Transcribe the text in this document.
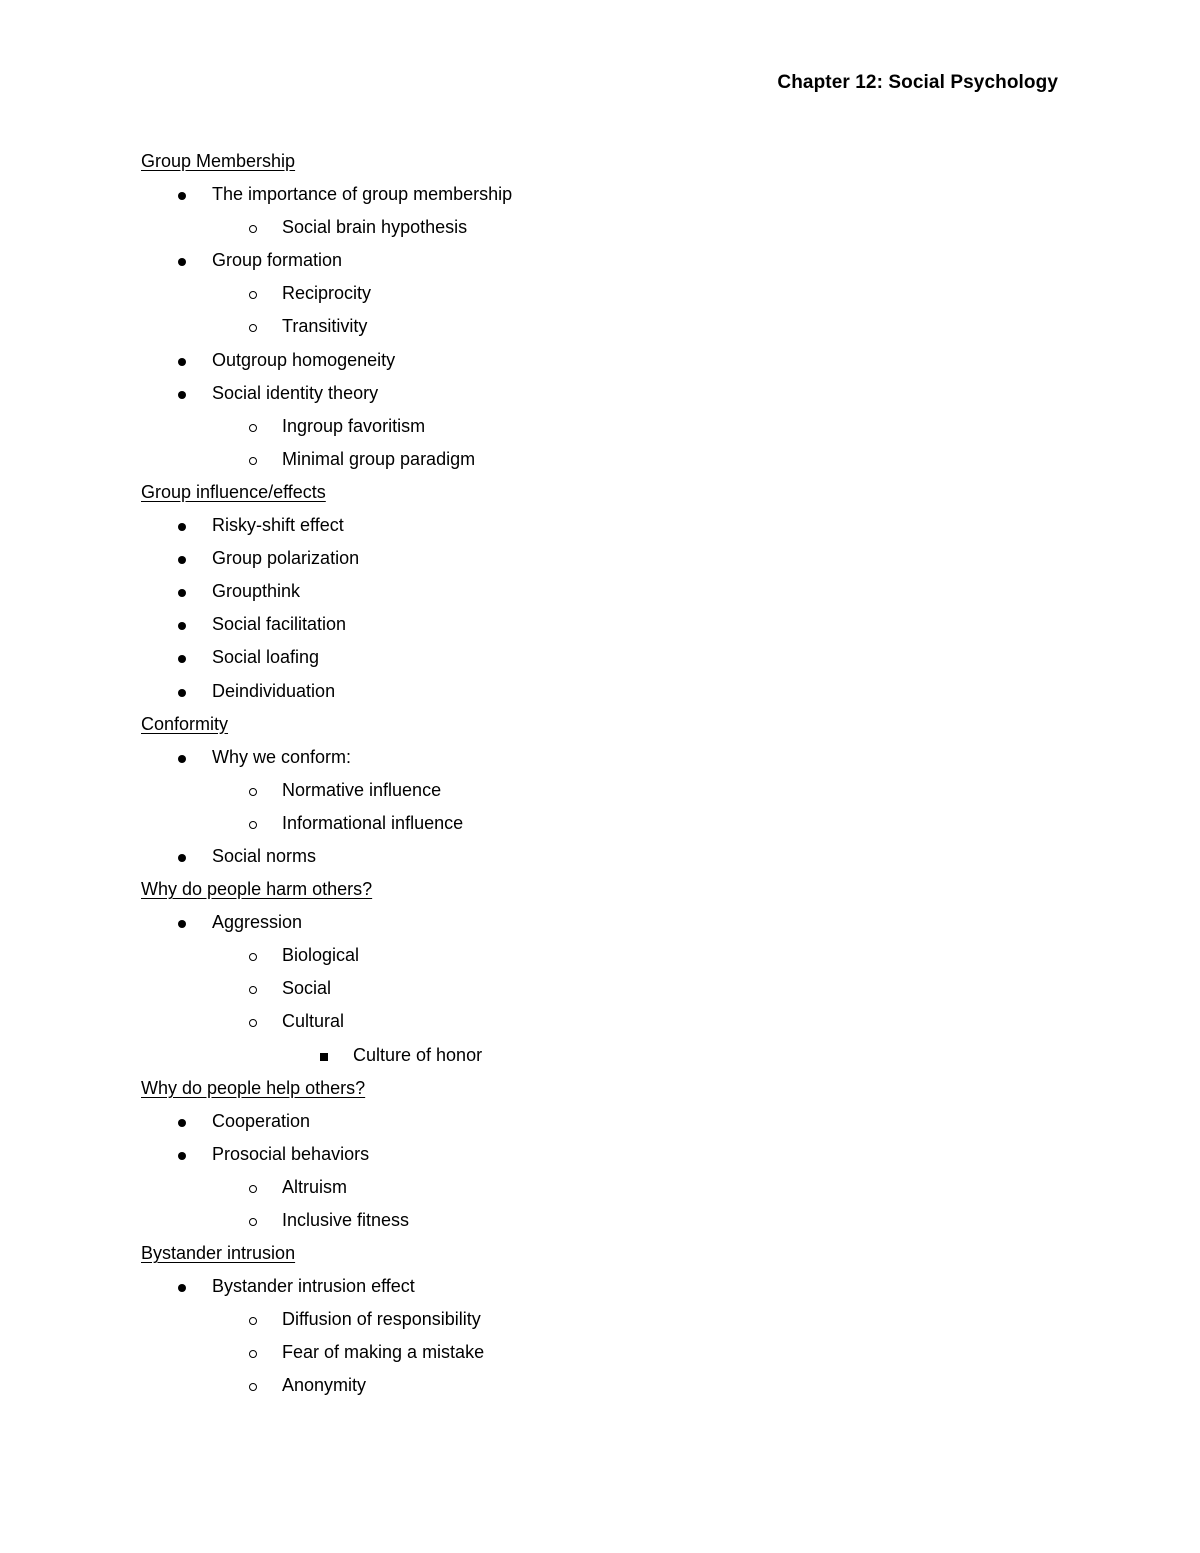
Chapter 12: Social Psychology
Group Membership
The importance of group membership
Social brain hypothesis
Group formation
Reciprocity
Transitivity
Outgroup homogeneity
Social identity theory
Ingroup favoritism
Minimal group paradigm
Group influence/effects
Risky-shift effect
Group polarization
Groupthink
Social facilitation
Social loafing
Deindividuation
Conformity
Why we conform:
Normative influence
Informational influence
Social norms
Why do people harm others?
Aggression
Biological
Social
Cultural
Culture of honor
Why do people help others?
Cooperation
Prosocial behaviors
Altruism
Inclusive fitness
Bystander intrusion
Bystander intrusion effect
Diffusion of responsibility
Fear of making a mistake
Anonymity
